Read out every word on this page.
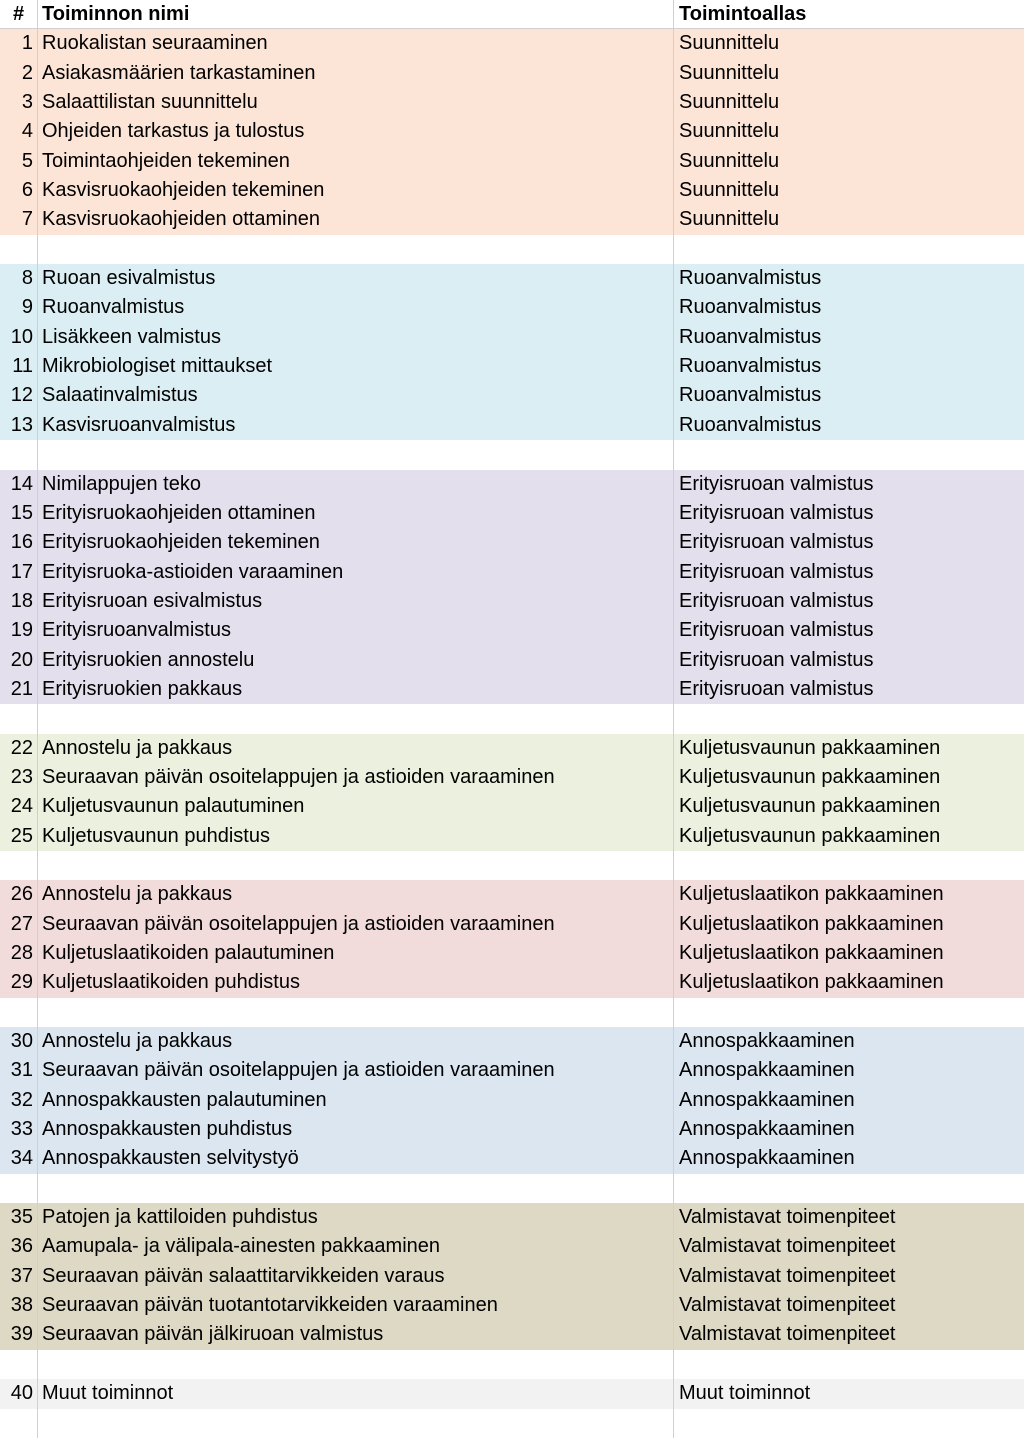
# Toiminnon nimi	Toimintoallas
1 Ruokalistan seuraaminen	Suunnittelu
2 Asiakasmäärien tarkastaminen	Suunnittelu
3 Salaattilistan suunnittelu	Suunnittelu
4 Ohjeiden tarkastus ja tulostus	Suunnittelu
5 Toimintaohjeiden tekeminen	Suunnittelu
6 Kasvisruokaohjeiden tekeminen	Suunnittelu
7 Kasvisruokaohjeiden ottaminen	Suunnittelu
8 Ruoan esivalmistus	Ruoanvalmistus
9 Ruoanvalmistus	Ruoanvalmistus
10 Lisäkkeen valmistus	Ruoanvalmistus
11 Mikrobiologiset mittaukset	Ruoanvalmistus
12 Salaatinvalmistus	Ruoanvalmistus
13 Kasvisruoanvalmistus	Ruoanvalmistus
14 Nimilappujen teko	Erityisruoan valmistus
15 Erityisruokaohjeiden ottaminen	Erityisruoan valmistus
16 Erityisruokaohjeiden tekeminen	Erityisruoan valmistus
17 Erityisruoka-astioiden varaaminen	Erityisruoan valmistus
18 Erityisruoan esivalmistus	Erityisruoan valmistus
19 Erityisruoanvalmistus	Erityisruoan valmistus
20 Erityisruokien annostelu	Erityisruoan valmistus
21 Erityisruokien pakkaus	Erityisruoan valmistus
22 Annostelu ja pakkaus	Kuljetusvaunun pakkaaminen
23 Seuraavan päivän osoitelappujen ja astioiden varaaminen	Kuljetusvaunun pakkaaminen
24 Kuljetusvaunun palautuminen	Kuljetusvaunun pakkaaminen
25 Kuljetusvaunun puhdistus	Kuljetusvaunun pakkaaminen
26 Annostelu ja pakkaus	Kuljetuslaatikon pakkaaminen
27 Seuraavan päivän osoitelappujen ja astioiden varaaminen	Kuljetuslaatikon pakkaaminen
28 Kuljetuslaatikoiden palautuminen	Kuljetuslaatikon pakkaaminen
29 Kuljetuslaatikoiden puhdistus	Kuljetuslaatikon pakkaaminen
30 Annostelu ja pakkaus	Annospakkaaminen
31 Seuraavan päivän osoitelappujen ja astioiden varaaminen	Annospakkaaminen
32 Annospakkausten palautuminen	Annospakkaaminen
33 Annospakkausten puhdistus	Annospakkaaminen
34 Annospakkausten selvitystyö	Annospakkaaminen
35 Patojen ja kattiloiden puhdistus	Valmistavat toimenpiteet
36 Aamupala- ja välipala-ainesten pakkaaminen	Valmistavat toimenpiteet
37 Seuraavan päivän salaattitarvikkeiden varaus	Valmistavat toimenpiteet
38 Seuraavan päivän tuotantotarvikkeiden varaaminen	Valmistavat toimenpiteet
39 Seuraavan päivän jälkiruoan valmistus	Valmistavat toimenpiteet
40 Muut toiminnot	Muut toiminnot
